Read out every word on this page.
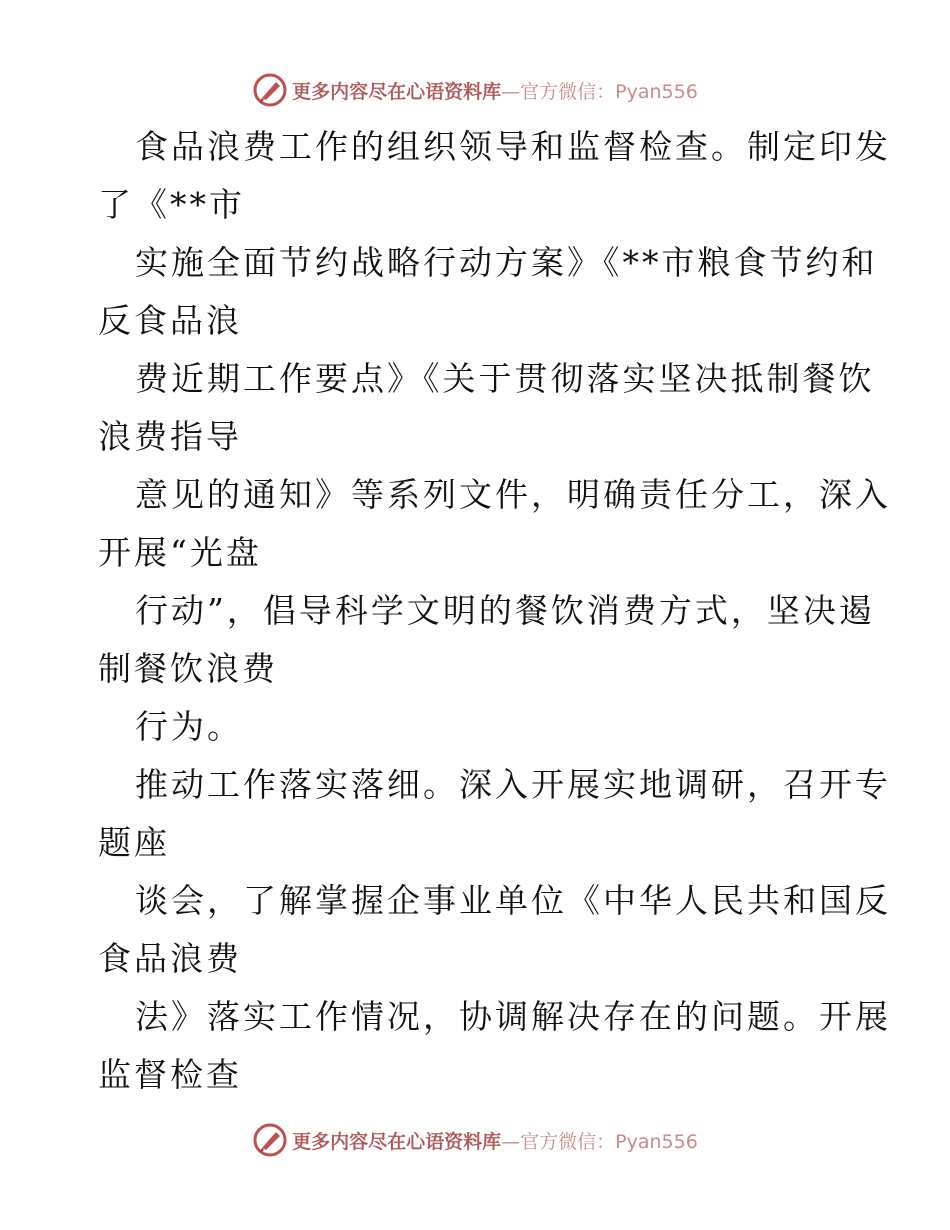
更多内容尽在心语资料库—官方微信：Pyan556
食品浪费工作的组织领导和监督检查。制定印发
了《**市
实施全面节约战略行动方案》《**市粮食节约和
反食品浪
费近期工作要点》《关于贯彻落实坚决抵制餐饮
浪费指导
意见的通知》等系列文件，明确责任分工，深入
开展“光盘
行动”，倡导科学文明的餐饮消费方式，坚决遏
制餐饮浪费
行为。
推动工作落实落细。深入开展实地调研，召开专
题座
谈会，了解掌握企事业单位《中华人民共和国反
食品浪费
法》落实工作情况，协调解决存在的问题。开展
监督检查
更多内容尽在心语资料库—官方微信：Pyan556
